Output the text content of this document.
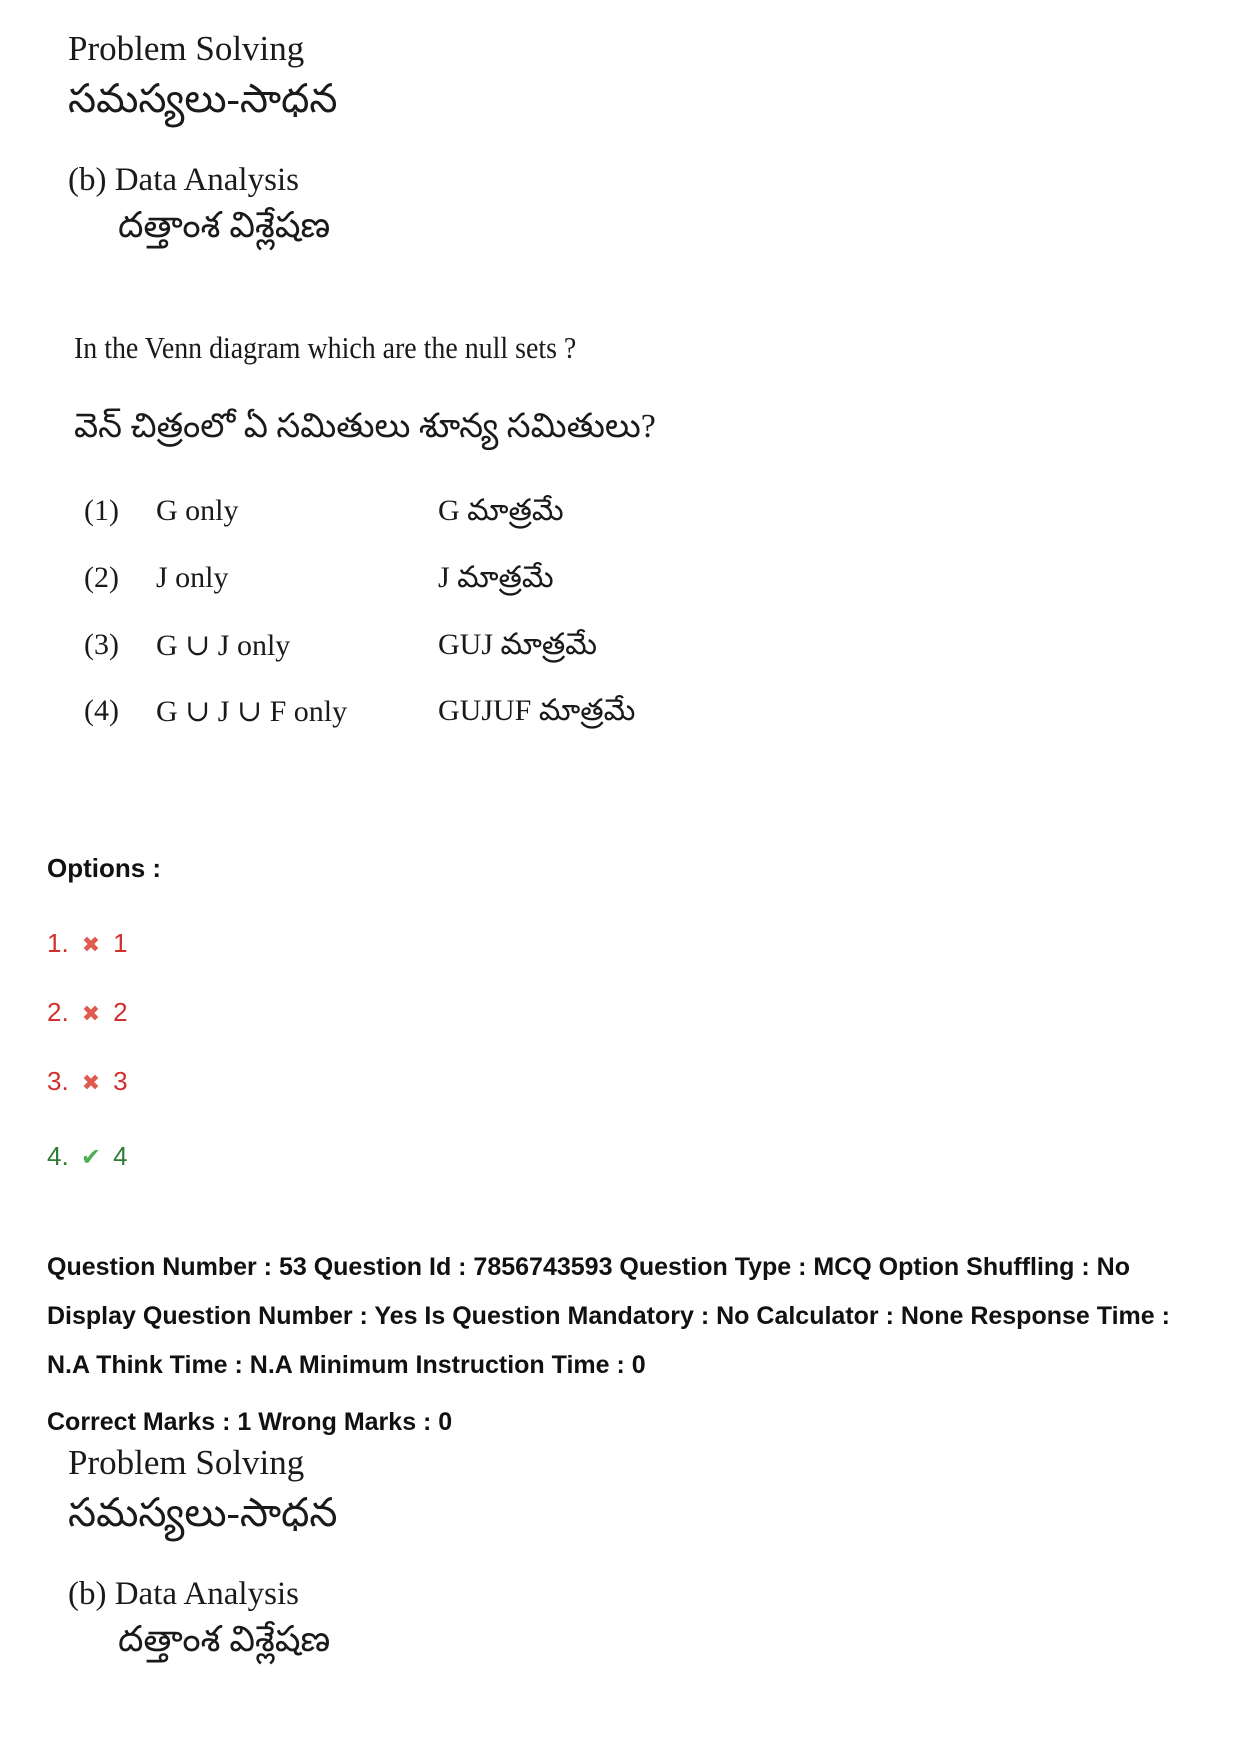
Problem Solving
సమస్యలు-సాధన
(b) Data Analysis
దత్తాంశ విశ్లేషణ
In the Venn diagram which are the null sets ?
వెన్ చిత్రంలో ఏ సమితులు శూన్య సమితులు?
(1) G only	G మాత్రమే
(2) J only	J మాత్రమే
(3) G ∪ J only	GUJ మాత్రమే
(4) G ∪ J ∪ F only	GUJUF మాత్రమే
Options :
1. ✖ 1
2. ✖ 2
3. ✖ 3
4. ✔ 4
Question Number : 53 Question Id : 7856743593 Question Type : MCQ Option Shuffling : No Display Question Number : Yes Is Question Mandatory : No Calculator : None Response Time : N.A Think Time : N.A Minimum Instruction Time : 0
Correct Marks : 1 Wrong Marks : 0
Problem Solving
సమస్యలు-సాధన
(b) Data Analysis
దత్తాంశ విశ్లేషణ
